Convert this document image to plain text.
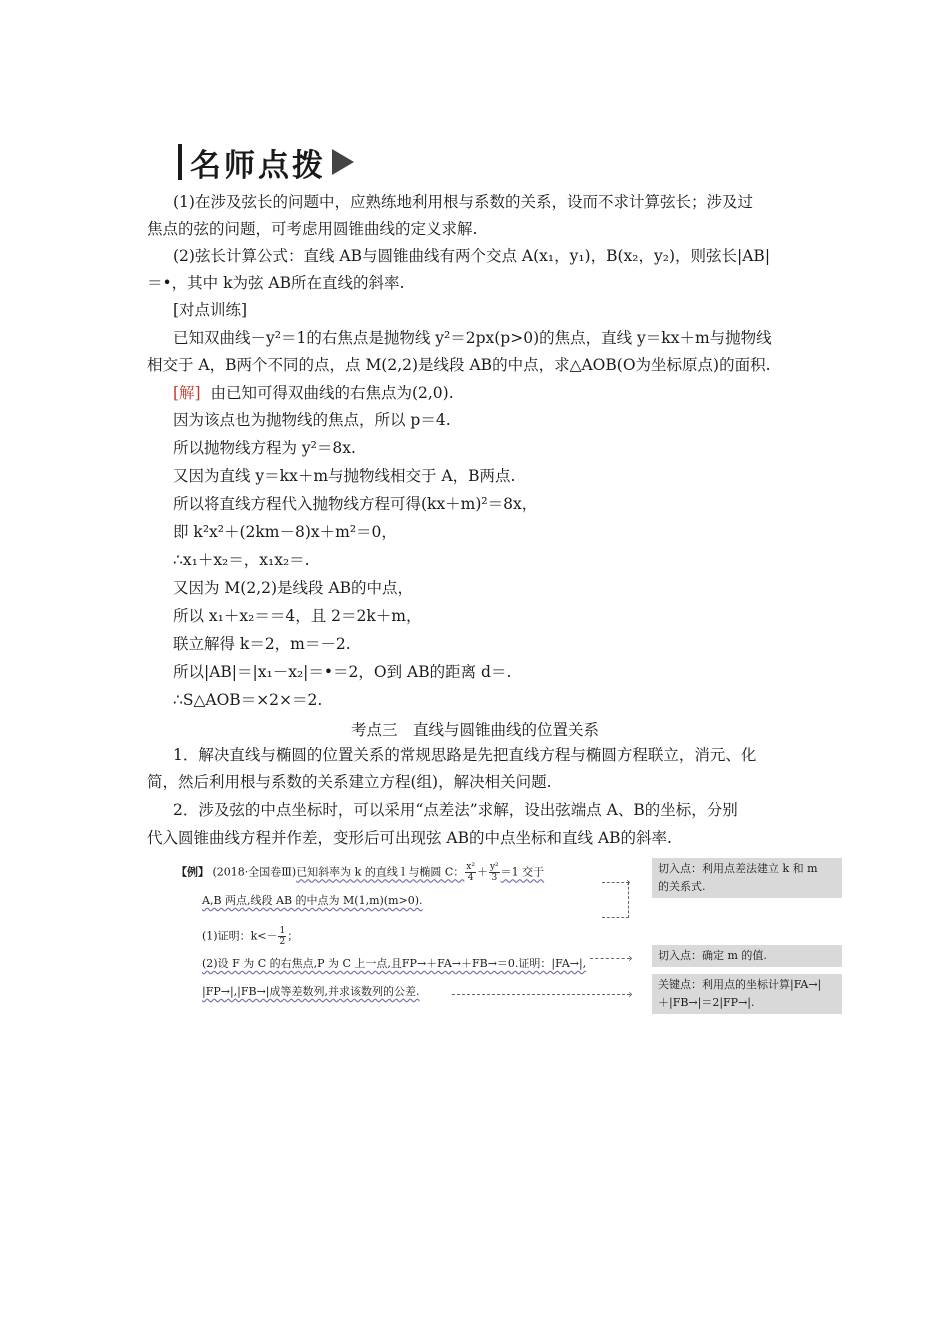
名师点拨
(1)在涉及弦长的问题中，应熟练地利用根与系数的关系，设而不求计算弦长；涉及过
焦点的弦的问题，可考虑用圆锥曲线的定义求解.
(2)弦长计算公式：直线 AB与圆锥曲线有两个交点 A(x₁，y₁)，B(x₂，y₂)，则弦长|AB|
＝•，其中 k为弦 AB所在直线的斜率.
[对点训练]
已知双曲线－y²＝1的右焦点是抛物线 y²＝2px(p>0)的焦点，直线 y＝kx＋m与抛物线
相交于 A，B两个不同的点，点 M(2,2)是线段 AB的中点，求△AOB(O为坐标原点)的面积.
[解] 由已知可得双曲线的右焦点为(2,0).
因为该点也为抛物线的焦点，所以 p＝4.
所以抛物线方程为 y²＝8x.
又因为直线 y＝kx＋m与抛物线相交于 A，B两点.
所以将直线方程代入抛物线方程可得(kx＋m)²＝8x，
即 k²x²＋(2km－8)x＋m²＝0，
∴x₁＋x₂＝，x₁x₂＝.
又因为 M(2,2)是线段 AB的中点，
所以 x₁＋x₂＝＝4，且 2＝2k＋m，
联立解得 k＝2，m＝－2.
所以|AB|＝|x₁－x₂|＝•＝2，O到 AB的距离 d＝.
∴S△AOB＝×2×＝2.
考点三　直线与圆锥曲线的位置关系
1．解决直线与椭圆的位置关系的常规思路是先把直线方程与椭圆方程联立，消元、化
简，然后利用根与系数的关系建立方程(组)，解决相关问题.
2．涉及弦的中点坐标时，可以采用“点差法”求解，设出弦端点 A、B的坐标，分别
代入圆锥曲线方程并作差，变形后可出现弦 AB的中点坐标和直线 AB的斜率.
【例】 (2018·全国卷Ⅲ)已知斜率为 k 的直线 l 与椭圆 C： $\frac{\text{x²}}{4} + \frac{\text{y²}}{3} =1$ 交于
A,B 两点,线段 AB 的中点为 M(1,m)(m>0).
(1)证明：$k<- \frac{1}{2}$ ；
(2)设 F 为 C 的右焦点,P 为 C 上一点,且FP→＋FA→＋FB→＝0.证明：|FA→|,
|FP→|,|FB→|成等差数列,并求该数列的公差.
›
›
›
切入点：利用点差法建立 k 和 m
的关系式.
切入点：确定 m 的值.
关键点：利用点的坐标计算|FA→|
＋|FB→|＝2|FP→|.
